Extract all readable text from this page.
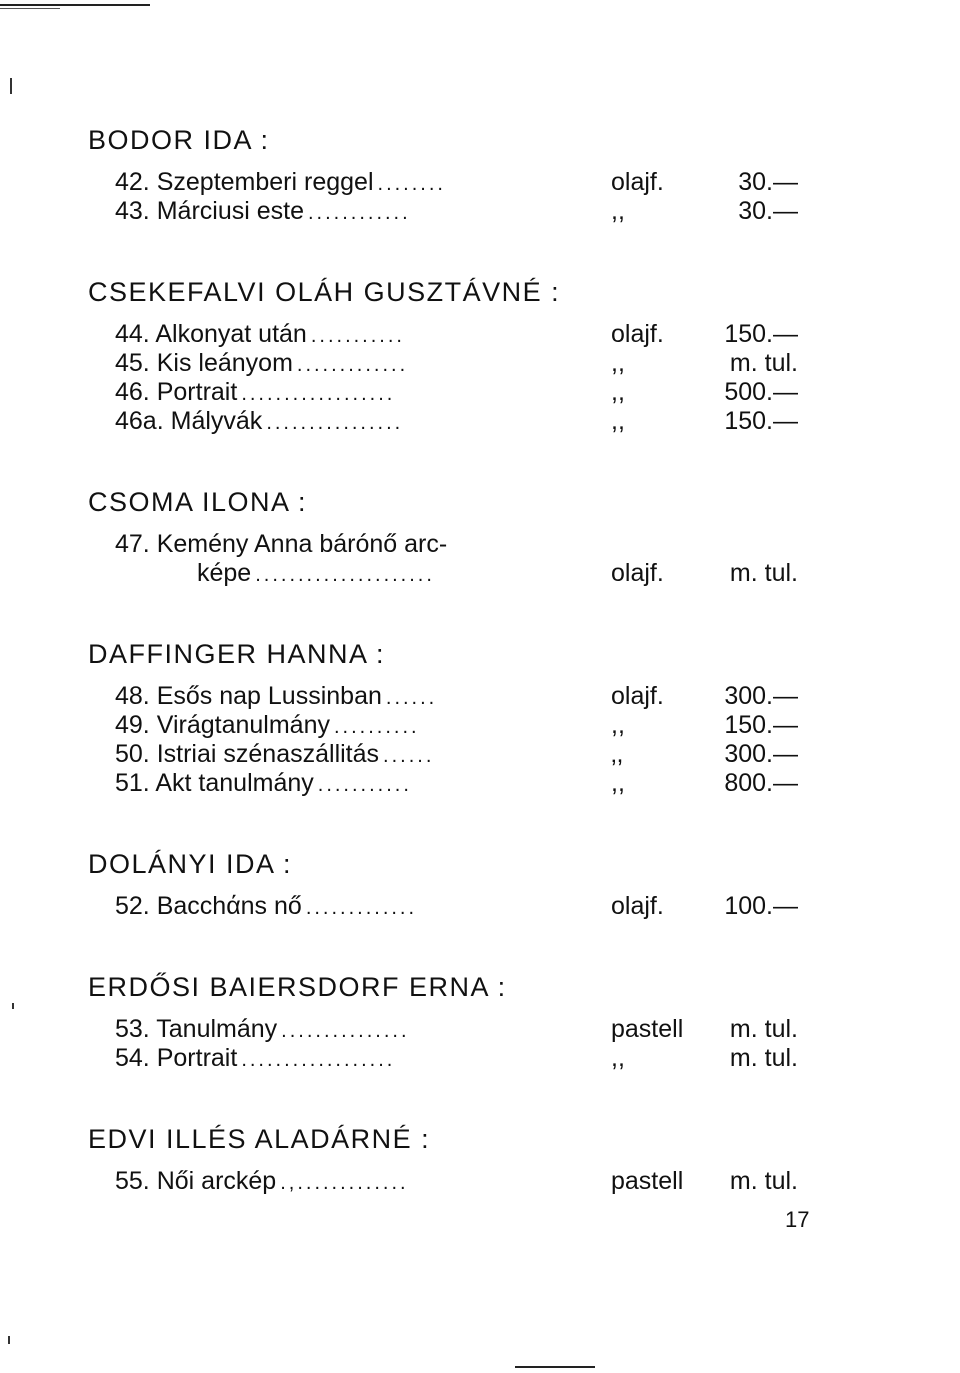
BODOR IDA :
42. Szeptemberi reggel ........	olajf.	30.—
43. Márciusi este ............	,,	30.—
CSEKEFALVI OLÁH GUSZTÁVNÉ :
44. Alkonyat után ...........	olajf. 150.—
45. Kis leányom .............	,,	m. tul.
46. Portrait ..................	,,	500.—
46a. Mályvák ................	,,	150.—
CSOMA ILONA :
47. Kemény Anna bárónő arc-
képe .....................	olajf.	m. tul.
DAFFINGER HANNA :
48. Esős nap Lussinban ......	olajf. 300.—
49. Virágtanulmány ..........	,,	150.—
50. Istriai szénaszállitás ......	‚,	300.—
51. Akt tanulmány ...........	,,	800.—
DOLÁNYI IDA :
52. Bacchάns nő .............	olajf. 100.—
ERDŐSI BAIERSDORF ERNA :
53. Tanulmány ...............	pastell m. tul.
54. Portrait ..................	,,	m. tul.
EDVI ILLÉS ALADÁRNÉ :
55. Női arckép .,.............	pastell m. tul.
17
